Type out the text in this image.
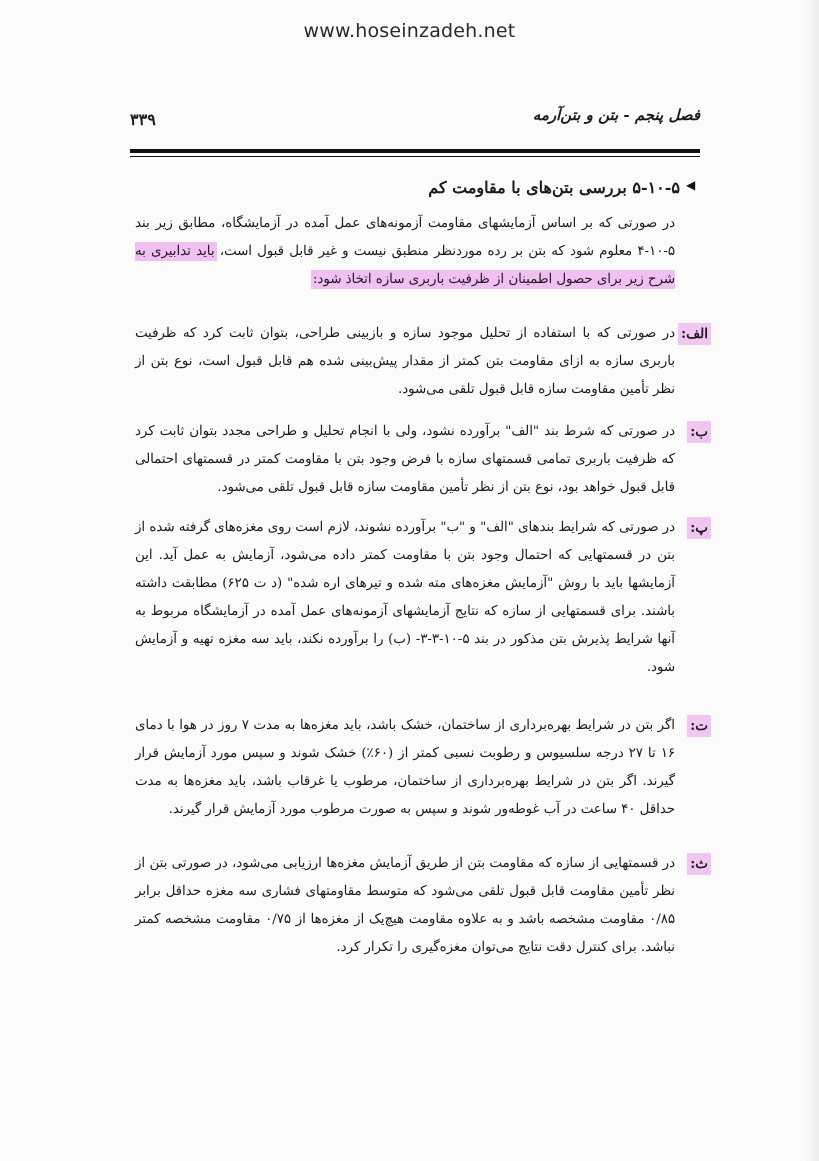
www.hoseinzadeh.net
فصل پنجم - بتن و بتن‌آرمه
۳۳۹
◀
۵-۱۰-۵ بررسی بتن‌های با مقاومت کم

در صورتی که بر اساس آزمایشهای مقاومت آزمونه‌های عمل آمده در آزمایشگاه، مطابق زیر بند ۵-۱۰-۴ معلوم شود که بتن بر رده موردنظر منطبق نیست و غیر قابل قبول است، باید تدابیری به شرح زیر برای حصول اطمینان از ظرفیت باربری سازه اتخاذ شود:

الف:
در صورتی که با استفاده از تحلیل موجود سازه و بازبینی طراحی، بتوان ثابت کرد که ظرفیت باربری سازه به ازای مقاومت بتن کمتر از مقدار پیش‌بینی شده هم قابل قبول است، نوع بتن از نظر تأمین مقاومت سازه قابل قبول تلقی می‌شود.
ب:
در صورتی که شرط بند "الف" برآورده نشود، ولی با انجام تحلیل و طراحی مجدد بتوان ثابت کرد که ظرفیت باربری تمامی قسمتهای سازه با فرض وجود بتن با مقاومت کمتر در قسمتهای احتمالی قابل قبول خواهد بود، نوع بتن از نظر تأمین مقاومت سازه قابل قبول تلقی می‌شود.
پ:
در صورتی که شرایط بندهای "الف" و "ب" برآورده نشوند، لازم است روی مغزه‌های گرفته شده از بتن در قسمتهایی که احتمال وجود بتن با مقاومت کمتر داده می‌شود، آزمایش به عمل آید. این آزمایشها باید با روش "آزمایش مغزه‌های مته شده و تیرهای اره شده" (د ت ۶۲۵) مطابقت داشته باشند. برای قسمتهایی از سازه که نتایج آزمایشهای آزمونه‌های عمل آمده در آزمایشگاه مربوط به آنها شرایط پذیرش بتن مذکور در بند ۵-۱۰-۳-۳- (ب) را برآورده نکند، باید سه مغزه تهیه و آزمایش شود.
ت:
اگر بتن در شرایط بهره‌برداری از ساختمان، خشک باشد، باید مغزه‌ها به مدت ۷ روز در هوا با دمای ۱۶ تا ۲۷ درجه سلسیوس و رطوبت نسبی کمتر از (۶۰٪) خشک شوند و سپس مورد آزمایش قرار گیرند. اگر بتن در شرایط بهره‌برداری از ساختمان، مرطوب یا غرقاب باشد، باید مغزه‌ها به مدت حداقل ۴۰ ساعت در آب غوطه‌ور شوند و سپس به صورت مرطوب مورد آزمایش قرار گیرند.
ث:
در قسمتهایی از سازه که مقاومت بتن از طریق آزمایش مغزه‌ها ارزیابی می‌شود، در صورتی بتن از نظر تأمین مقاومت قابل قبول تلقی می‌شود که متوسط مقاومتهای فشاری سه مغزه حداقل برابر ۰/۸۵ مقاومت مشخصه باشد و به علاوه مقاومت هیچ‌یک از مغزه‌ها از ۰/۷۵ مقاومت مشخصه کمتر نباشد. برای کنترل دقت نتایج می‌توان مغزه‌گیری را تکرار کرد.
